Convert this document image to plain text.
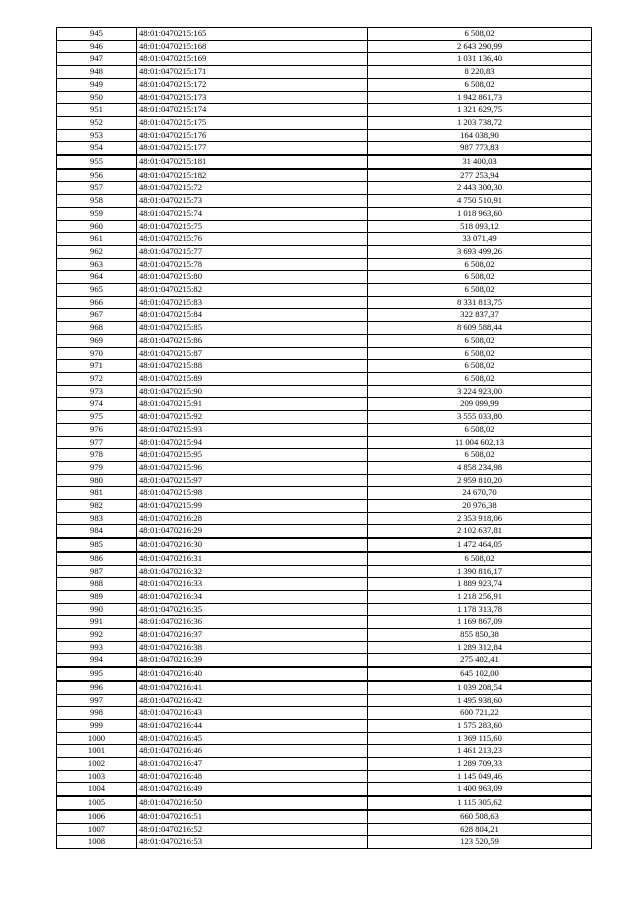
945	48:01:0470215:165	6 508,02
946	48:01:0470215:168	2 643 290,99
947	48:01:0470215:169	1 031 136,40
948	48:01:0470215:171	8 220,83
949	48:01:0470215:172	6 508,02
950	48:01:0470215:173	1 942 861,73
951	48:01:0470215:174	1 321 629,75
952	48:01:0470215:175	1 203 738,72
953	48:01:0470215:176	164 038,90
954	48:01:0470215:177	987 773,83
955	48:01:0470215:181	31 400,03
956	48:01:0470215:182	277 253,94
957	48:01:0470215:72	2 443 300,30
958	48:01:0470215:73	4 750 510,91
959	48:01:0470215:74	1 018 963,60
960	48:01:0470215:75	518 093,12
961	48:01:0470215:76	33 071,49
962	48:01:0470215:77	3 693 499,26
963	48:01:0470215:78	6 508,02
964	48:01:0470215:80	6 508,02
965	48:01:0470215:82	6 508,02
966	48:01:0470215:83	8 331 813,75
967	48:01:0470215:84	322 837,37
968	48:01:0470215:85	8 609 588,44
969	48:01:0470215:86	6 508,02
970	48:01:0470215:87	6 508,02
971	48:01:0470215:88	6 508,02
972	48:01:0470215:89	6 508,02
973	48:01:0470215:90	3 224 923,00
974	48:01:0470215:91	209 099,99
975	48:01:0470215:92	3 555 033,80
976	48:01:0470215:93	6 508,02
977	48:01:0470215:94	11 004 602,13
978	48:01:0470215:95	6 508,02
979	48:01:0470215:96	4 858 234,98
980	48:01:0470215:97	2 959 810,20
981	48:01:0470215:98	24 670,70
982	48:01:0470215:99	20 976,38
983	48:01:0470216:28	2 353 918,06
984	48:01:0470216:29	2 102 637,81
985	48:01:0470216:30	1 472 464,05
986	48:01:0470216:31	6 508,02
987	48:01:0470216:32	1 390 816,17
988	48:01:0470216:33	1 889 923,74
989	48:01:0470216:34	1 218 256,91
990	48:01:0470216:35	1 178 313,78
991	48:01:0470216:36	1 169 867,09
992	48:01:0470216:37	855 850,38
993	48:01:0470216:38	1 289 312,84
994	48:01:0470216:39	275 402,41
995	48:01:0470216:40	645 102,00
996	48:01:0470216:41	1 039 208,54
997	48:01:0470216:42	1 495 938,60
998	48:01:0470216:43	600 721,22
999	48:01:0470216:44	1 575 283,60
1000	48:01:0470216:45	1 369 115,60
1001	48:01:0470216:46	1 461 213,23
1002	48:01:0470216:47	1 289 709,33
1003	48:01:0470216:48	1 145 049,46
1004	48:01:0470216:49	1 400 963,09
1005	48:01:0470216:50	1 115 305,62
1006	48:01:0470216:51	660 508,63
1007	48:01:0470216:52	628 804,21
1008	48:01:0470216:53	123 520,59
